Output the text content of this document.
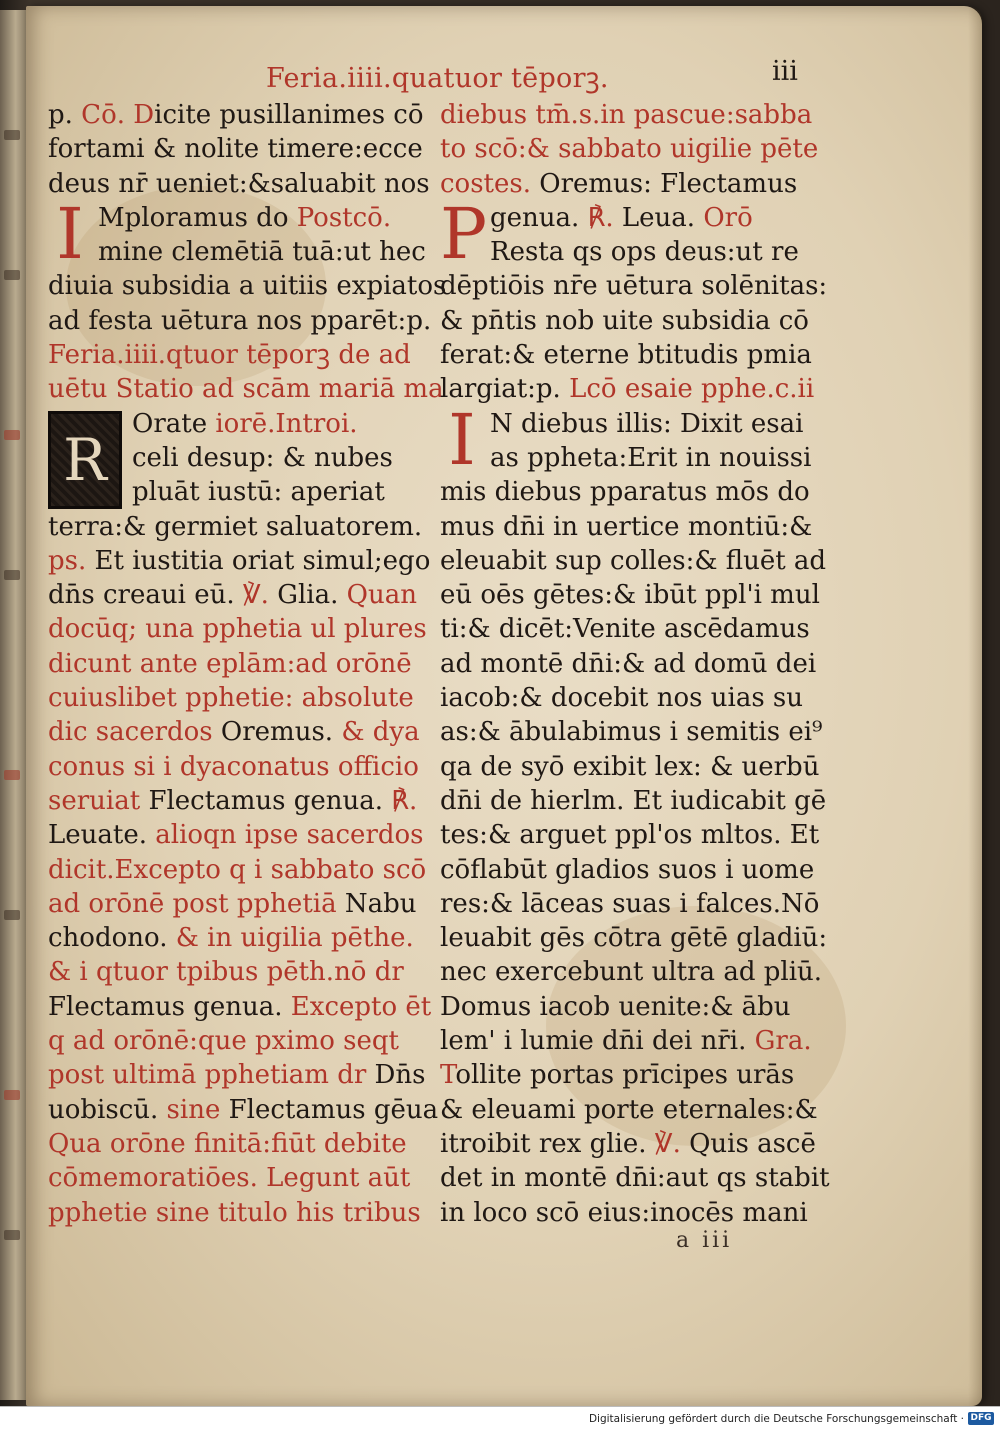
Feria.iiii.quatuor tēporꝫ.	iii
p. Cō. Dicite pusillanimes cō
fortami & nolite timere:ecce
deus nr̄ ueniet:&saluabit nos
I Mploramus do Postcō.
mine clemētiā tuā:ut hec
diuia subsidia a uitiis expiatos
ad festa uētura nos pparēt:p.
Feria.iiii.qtuor tēporꝫ de ad
uētu Statio ad scām mariā ma
R
Orate iorē.Introi.
celi desup: & nubes
pluāt iustū: aperiat
terra:& germiet saluatorem.
ps. Et iustitia oriat simul;ego
dn̄s creaui eū. ℣. Glia. Quan
docūq; una pphetia ul plures
dicunt ante eplām:ad orōnē
cuiuslibet pphetie: absolute
dic sacerdos Oremus. & dya
conus si i dyaconatus officio
seruiat Flectamus genua. ℟.
Leuate. alioqn ipse sacerdos
dicit.Excepto q i sabbato scō
ad orōnē post pphetiā Nabu
chodono. & in uigilia pēthe.
& i qtuor tpibus pēth.nō dr
Flectamus genua. Excepto ēt
q ad orōnē:que pximo seqt
post ultimā pphetiam dr Dn̄s
uobiscū. sine Flectamus gēua
Qua orōne finitā:fiūt debite
cōmemoratiōes. Legunt aūt
pphetie sine titulo his tribus
diebus tm̄.s.in pascue:sabba
to scō:& sabbato uigilie pēte
costes. Oremus: Flectamus
P genua. ℟. Leua. Orō
Resta qs ops deus:ut re
dēptiōis nr̄e uētura solēnitas:
& pn̄tis nob uite subsidia cō
ferat:& eterne btitudis pmia
largiat:p. Lcō esaie pphe.c.ii
I N diebus illis: Dixit esai
as ppheta:Erit in nouissi
mis diebus pparatus mōs do
mus dn̄i in uertice montiū:&
eleuabit sup colles:& fluēt ad
eū oēs gētes:& ibūt ppl'i mul
ti:& dicēt:Venite ascēdamus
ad montē dn̄i:& ad domū dei
iacob:& docebit nos uias su
as:& ābulabimus i semitis ei⁹
qa de syō exibit lex: & uerbū
dn̄i de hierlm. Et iudicabit gē
tes:& arguet ppl'os mltos. Et
cōflabūt gladios suos i uome
res:& lāceas suas i falces.Nō
leuabit gēs cōtra gētē gladiū:
nec exercebunt ultra ad pliū.
Domus iacob uenite:& ābu
lem' i lumie dn̄i dei nr̄i. Gra.
Tollite portas prīcipes urās
& eleuami porte eternales:&
itroibit rex glie. ℣. Quis ascē
det in montē dn̄i:aut qs stabit
in loco scō eius:inocēs mani
a iii
Digitalisierung gefördert durch die Deutsche Forschungsgemeinschaft · DFG
